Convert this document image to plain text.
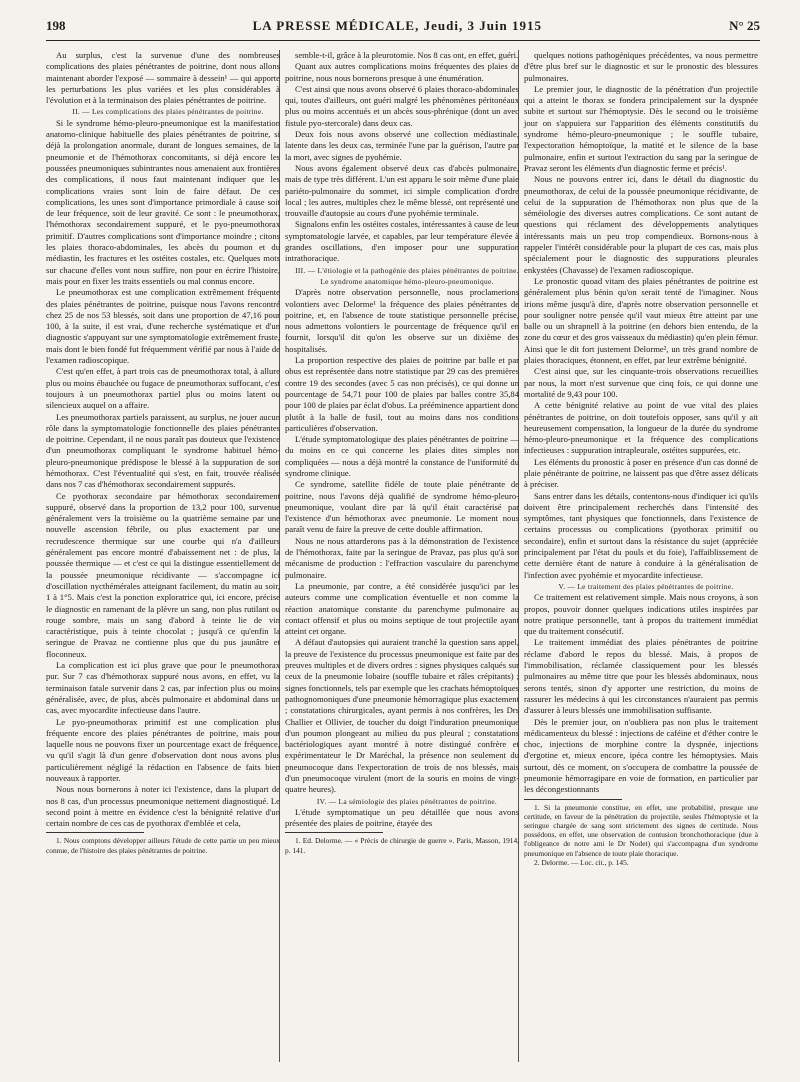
198	LA PRESSE MÉDICALE, Jeudi, 3 Juin 1915	N° 25

Au surplus, c'est la survenue d'une des nombreuses complications des plaies pénétrantes de poitrine, dont nous allons maintenant aborder l'exposé — sommaire à dessein¹ — qui apporte les perturbations les plus variées et les plus considérables à l'évolution et à la terminaison des plaies pénétrantes de poitrine.

II. — Les complications des plaies pénétrantes de poitrine.

Si le syndrome hémo-pleuro-pneumonique est la manifestation anatomo-clinique habituelle des plaies pénétrantes de poitrine, si déjà la prolongation anormale, durant de longues semaines, de la pneumonie et de l'hémothorax concomitants, si déjà encore les poussées pneumoniques subintrantes nous amenaient aux frontières des complications, il nous faut maintenant indiquer que les complications vraies sont loin de faire défaut. De ces complications, les unes sont d'importance primordiale à cause soit de leur fréquence, soit de leur gravité. Ce sont : le pneumothorax, l'hémothorax secondairement suppuré, et le pyo-pneumothorax primitif. D'autres complications sont d'importance moindre ; citons les plaies thoraco-abdominales, les abcès du poumon et du médiastin, les fractures et les ostéites costales, etc. Quelques mots sur chacune d'elles vont nous suffire, non pour en écrire l'histoire, mais pour en fixer les traits essentiels ou mal connus encore.

Le pneumothorax est une complication extrêmement fréquente des plaies pénétrantes de poitrine, puisque nous l'avons rencontré chez 25 de nos 53 blessés, soit dans une proportion de 47,16 pour 100, à la suite, il est vrai, d'une recherche systématique et d'un diagnostic s'appuyant sur une symptomatologie extrêmement fruste, mais dont le bien fondé fut fréquemment vérifié par nous à l'aide de l'examen radioscopique.

C'est qu'en effet, à part trois cas de pneumothorax total, à allure plus ou moins ébauchée ou fugace de pneumothorax suffocant, c'est toujours à un pneumothorax partiel plus ou moins latent ou silencieux auquel on a affaire.

Les pneumothorax partiels paraissent, au surplus, ne jouer aucun rôle dans la symptomatologie fonctionnelle des plaies pénétrantes de poitrine. Cependant, il ne nous paraît pas douteux que l'existence d'un pneumothorax compliquant le syndrome habituel hémo-pleuro-pneumonique prédispose le blessé à la suppuration de son hémothorax. C'est l'éventualité qui s'est, en fait, trouvée réalisée dans nos 7 cas d'hémothorax secondairement suppurés.

Ce pyothorax secondaire par hémothorax secondairement suppuré, observé dans la proportion de 13,2 pour 100, survenue généralement vers la troisième ou la quatrième semaine par une nouvelle ascension fébrile, ou plus exactement par une recrudescence thermique sur une courbe qui n'a d'ailleurs généralement pas encore montré d'abaissement net : de plus, la poussée thermique — et c'est ce qui la distingue essentiellement de la poussée pneumonique récidivante — s'accompagne ici d'oscillation nycthémérales atteignant facilement, du matin au soir, 1 à 1°5. Mais c'est la ponction exploratrice qui, ici encore, précise le diagnostic en ramenant de la plèvre un sang, non plus rutilant ou rouge sombre, mais un sang d'abord à teinte lie de vin caractéristique, puis à teinte chocolat ; jusqu'à ce qu'enfin la seringue de Pravaz ne contienne plus que du pus jaunâtre et floconneux.

La complication est ici plus grave que pour le pneumothorax pur. Sur 7 cas d'hémothorax suppuré nous avons, en effet, vu la terminaison fatale survenir dans 2 cas, par infection plus ou moins généralisée, avec, de plus, abcès pulmonaire et abdominal dans un cas, avec myocardite infectieuse dans l'autre.

Le pyo-pneumothorax primitif est une complication plus fréquente encore des plaies pénétrantes de poitrine, mais pour laquelle nous ne pouvons fixer un pourcentage exact de fréquence, vu qu'il s'agit là d'un genre d'observation dont nous avons plus particulièrement négligé la rédaction en l'absence de faits bien nouveaux à rapporter.

Nous nous bornerons à noter ici l'existence, dans la plupart de nos 8 cas, d'un processus pneumonique nettement diagnostiqué. Le second point à mettre en évidence c'est la bénignité relative d'un certain nombre de ces cas de pyothorax d'emblée et cela,

1. Nous comptons développer ailleurs l'étude de cette partie un peu mieux connue, de l'histoire des plaies pénétrantes de poitrine.

semble-t-il, grâce à la pleurotomie. Nos 8 cas ont, en effet, guéri.

Quant aux autres complications moins fréquentes des plaies de poitrine, nous nous bornerons presque à une énumération.

C'est ainsi que nous avons observé 6 plaies thoraco-abdominales qui, toutes d'ailleurs, ont guéri malgré les phénomènes péritonéaux plus ou moins accentués et un abcès sous-phrénique (dont un avec fistule pyo-stercorale) dans deux cas.

Deux fois nous avons observé une collection médiastinale, latente dans les deux cas, terminée l'une par la guérison, l'autre par la mort, avec signes de pyohémie.

Nous avons également observé deux cas d'abcès pulmonaire, mais de type très différent. L'un est apparu le soir même d'une plaie pariéto-pulmonaire du sommet, ici simple complication d'ordre local ; les autres, multiples chez le même blessé, ont représenté une trouvaille d'autopsie au cours d'une pyohémie terminale.

Signalons enfin les ostéites costales, intéressantes à cause de leur symptomatologie larvée, et capables, par leur température élevée à grandes oscillations, d'en imposer pour une suppuration intrathoracique.

III. — L'étiologie et la pathogénie des plaies pénétrantes de poitrine.

Le syndrome anatomique hémo-pleuro-pneumonique.

D'après notre observation personnelle, nous proclamerions volontiers avec Delorme¹ la fréquence des plaies pénétrantes de poitrine, et, en l'absence de toute statistique personnelle précise, nous admettons volontiers le pourcentage de fréquence qu'il en fournit, lorsqu'il dit qu'on les observe sur un dixième des hospitalisés.

La proportion respective des plaies de poitrine par balle et par obus est représentée dans notre statistique par 29 cas des premières contre 19 des secondes (avec 5 cas non précisés), ce qui donne un pourcentage de 54,71 pour 100 de plaies par balles contre 35,84 pour 100 de plaies par éclat d'obus. La prééminence appartient donc plutôt à la balle de fusil, tout au moins dans nos conditions particulières d'observation.

L'étude symptomatologique des plaies pénétrantes de poitrine — du moins en ce qui concerne les plaies dites simples non compliquées — nous a déjà montré la constance de l'uniformité du syndrome clinique.

Ce syndrome, satellite fidèle de toute plaie pénétrante de poitrine, nous l'avons déjà qualifié de syndrome hémo-pleuro-pneumonique, voulant dire par là qu'il était caractérisé par l'existence d'un hémothorax avec pneumonie. Le moment nous paraît venu de faire la preuve de cette double affirmation.

Nous ne nous attarderons pas à la démonstration de l'existence de l'hémothorax, faite par la seringue de Pravaz, pas plus qu'à son mécanisme de production : l'effraction vasculaire du parenchyme pulmonaire.

La pneumonie, par contre, a été considérée jusqu'ici par les auteurs comme une complication éventuelle et non comme la réaction anatomique constante du parenchyme pulmonaire au contact offensif et plus ou moins septique de tout projectile ayant atteint cet organe.

A défaut d'autopsies qui auraient tranché la question sans appel, la preuve de l'existence du processus pneumonique est faite par des preuves multiples et de divers ordres : signes physiques calqués sur ceux de la pneumonie lobaire (souffle tubaire et râles crépitants) ; signes fonctionnels, tels par exemple que les crachats hémoptoïques pathognomoniques d'une pneumonie hémorragique plus exactement ; constatations chirurgicales, ayant permis à nos confrères, les Drs Challier et Ollivier, de toucher du doigt l'induration pneumonique d'un poumon plongeant au milieu du pus pleural ; constatations bactériologiques ayant montré à notre distingué confrère et expérimentateur le Dr Maréchal, la présence non seulement du pneumocoque dans l'expectoration de trois de nos blessés, mais d'un pneumocoque virulent (mort de la souris en moins de vingt-quatre heures).

IV. — La sémiologie des plaies pénétrantes de poitrine.

L'étude symptomatique un peu détaillée que nous avons présentée des plaies de poitrine, étayée des

1. Ed. Delorme. — « Précis de chirurgie de guerre ». Paris, Masson, 1914, p. 141.

quelques notions pathogéniques précédentes, va nous permettre d'être plus bref sur le diagnostic et sur le pronostic des blessures pulmonaires.

Le premier jour, le diagnostic de la pénétration d'un projectile qui a atteint le thorax se fondera principalement sur la dyspnée subite et surtout sur l'hémoptysie. Dès le second ou le troisième jour on s'appuiera sur l'apparition des éléments constitutifs du syndrome hémo-pleuro-pneumonique ; le souffle tubaire, l'expectoration hémoptoïque, la matité et le silence de la base pulmonaire, enfin et surtout l'extraction du sang par la seringue de Pravaz seront les éléments d'un diagnostic ferme et précis¹.

Nous ne pouvons entrer ici, dans le détail du diagnostic du pneumothorax, de celui de la poussée pneumonique récidivante, de celui de la suppuration de l'hémothorax non plus que de la séméiologie des diverses autres complications. Ce sont autant de questions qui réclament des développements analytiques intéressants mais un peu trop compendieux. Bornons-nous à rappeler l'intérêt considérable pour la plupart de ces cas, mais plus spécialement pour le diagnostic des suppurations pleurales enkystées (Chavasse) de l'examen radioscopique.

Le pronostic quoad vitam des plaies pénétrantes de poitrine est généralement plus bénin qu'on serait tenté de l'imaginer. Nous irions même jusqu'à dire, d'après notre observation personnelle et pour souligner notre pensée qu'il vaut mieux être atteint par une balle ou un shrapnell à la poitrine (en dehors bien entendu, de la zone du cœur et des gros vaisseaux du médiastin) qu'en plein fémur. Ainsi que le dit fort justement Delorme², un très grand nombre de plaies thoraciques, étonnent, en effet, par leur extrême bénignité.

C'est ainsi que, sur les cinquante-trois observations recueillies par nous, la mort n'est survenue que cinq fois, ce qui donne une mortalité de 9,43 pour 100.

A cette bénignité relative au point de vue vital des plaies pénétrantes de poitrine, on doit toutefois opposer, sans qu'il y ait heureusement compensation, la longueur de la durée du syndrome hémo-pleuro-pneumonique et la fréquence des complications infectieuses : suppuration intrapleurale, ostéites suppurées, etc.

Les éléments du pronostic à poser en présence d'un cas donné de plaie pénétrante de poitrine, ne laissent pas que d'être assez délicats à préciser.

Sans entrer dans les détails, contentons-nous d'indiquer ici qu'ils doivent être principalement recherchés dans l'intensité des symptômes, tant physiques que fonctionnels, dans l'existence de certains processus ou complications (pyothorax primitif ou secondaire), enfin et surtout dans la résistance du sujet (appréciée principalement par l'état du pouls et du foie), l'affaiblissement de cette dernière étant de nature à conduire à la généralisation de l'infection avec pyohémie et myocardite infectieuse.

V. — Le traitement des plaies pénétrantes de poitrine.

Ce traitement est relativement simple. Mais nous croyons, à son propos, pouvoir donner quelques indications utiles inspirées par notre pratique personnelle, tant à propos du traitement immédiat que du traitement consécutif.

Le traitement immédiat des plaies pénétrantes de poitrine réclame d'abord le repos du blessé. Mais, à propos de l'immobilisation, réclamée classiquement pour les blessés pulmonaires au même titre que pour les blessés abdominaux, nous serons tentés, sinon d'y apporter une restriction, du moins de rassurer les médecins à qui les circonstances n'auraient pas permis d'assurer à leurs blessés une immobilisation suffisante.

Dès le premier jour, on n'oubliera pas non plus le traitement médicamenteux du blessé : injections de caféine et d'éther contre le choc, injections de morphine contre la dyspnée, injections d'ergotine et, mieux encore, ipéca contre les hémoptysies. Mais surtout, dès ce moment, on s'occupera de combattre la poussée de pneumonie hémorragipare en voie de formation, en particulier par les décongestionnants

1. Si la pneumonie constitue, en effet, une probabilité, presque une certitude, en faveur de la pénétration du projectile, seules l'hémoptysie et la seringue chargée de sang sont strictement des signes de certitude. Nous possédons, en effet, une observation de contusion bronchothoracique (due à l'obligeance de notre ami le Dr Nodet) qui s'accompagna d'un syndrome pneumonique en l'absence de toute plaie thoracique.

2. Delorme. — Loc. cit., p. 145.
